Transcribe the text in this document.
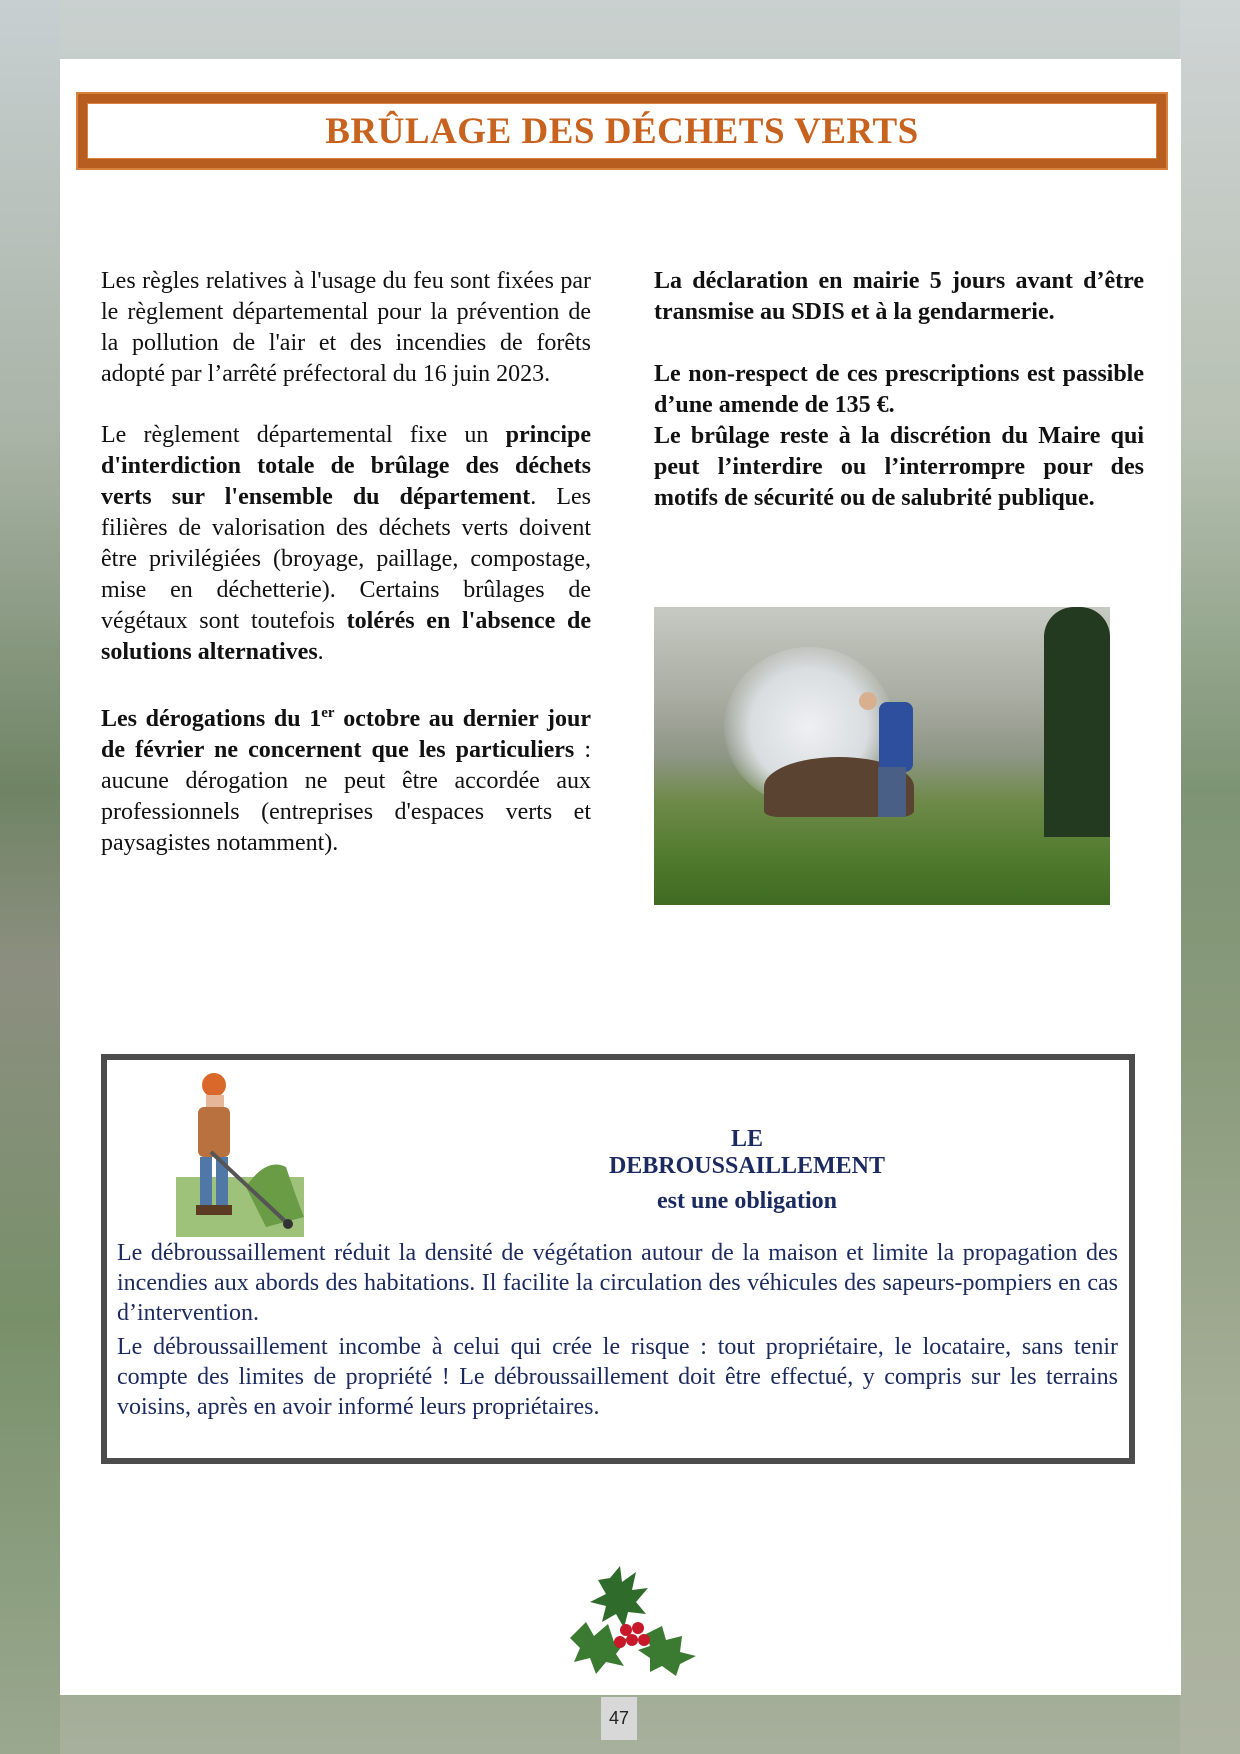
BRÛLAGE DES DÉCHETS VERTS

Les règles relatives à l'usage du feu sont fixées par le règlement départemental pour la prévention de la pollution de l'air et des incendies de forêts adopté par l’arrêté préfectoral du 16 juin 2023.

Le règlement départemental fixe un principe d'interdiction totale de brûlage des déchets verts sur l'ensemble du département. Les filières de valorisation des déchets verts doivent être privilégiées (broyage, paillage, compostage, mise en déchetterie). Certains brûlages de végétaux sont toutefois tolérés en l'absence de solutions alternatives.

Les dérogations du 1er octobre au dernier jour de février ne concernent que les particuliers : aucune dérogation ne peut être accordée aux professionnels (entreprises d'espaces verts et paysagistes notamment).

La déclaration en mairie 5 jours avant d’être transmise au SDIS et à la gendarmerie.

Le non-respect de ces prescriptions est passible d’une amende de 135 €.

Le brûlage reste à la discrétion du Maire qui peut l’interdire ou l’interrompre pour des motifs de sécurité ou de salubrité publique.

LE DEBROUSSAILLEMENT
est une obligation

Le débroussaillement réduit la densité de végétation autour de la maison et limite la propagation des incendies aux abords des habitations. Il facilite la circulation des véhicules des sapeurs-pompiers en cas d’intervention.

Le débroussaillement incombe à celui qui crée le risque : tout propriétaire, le locataire, sans tenir compte des limites de propriété ! Le débroussaillement doit être effectué, y compris sur les terrains voisins, après en avoir informé leurs propriétaires.

47
